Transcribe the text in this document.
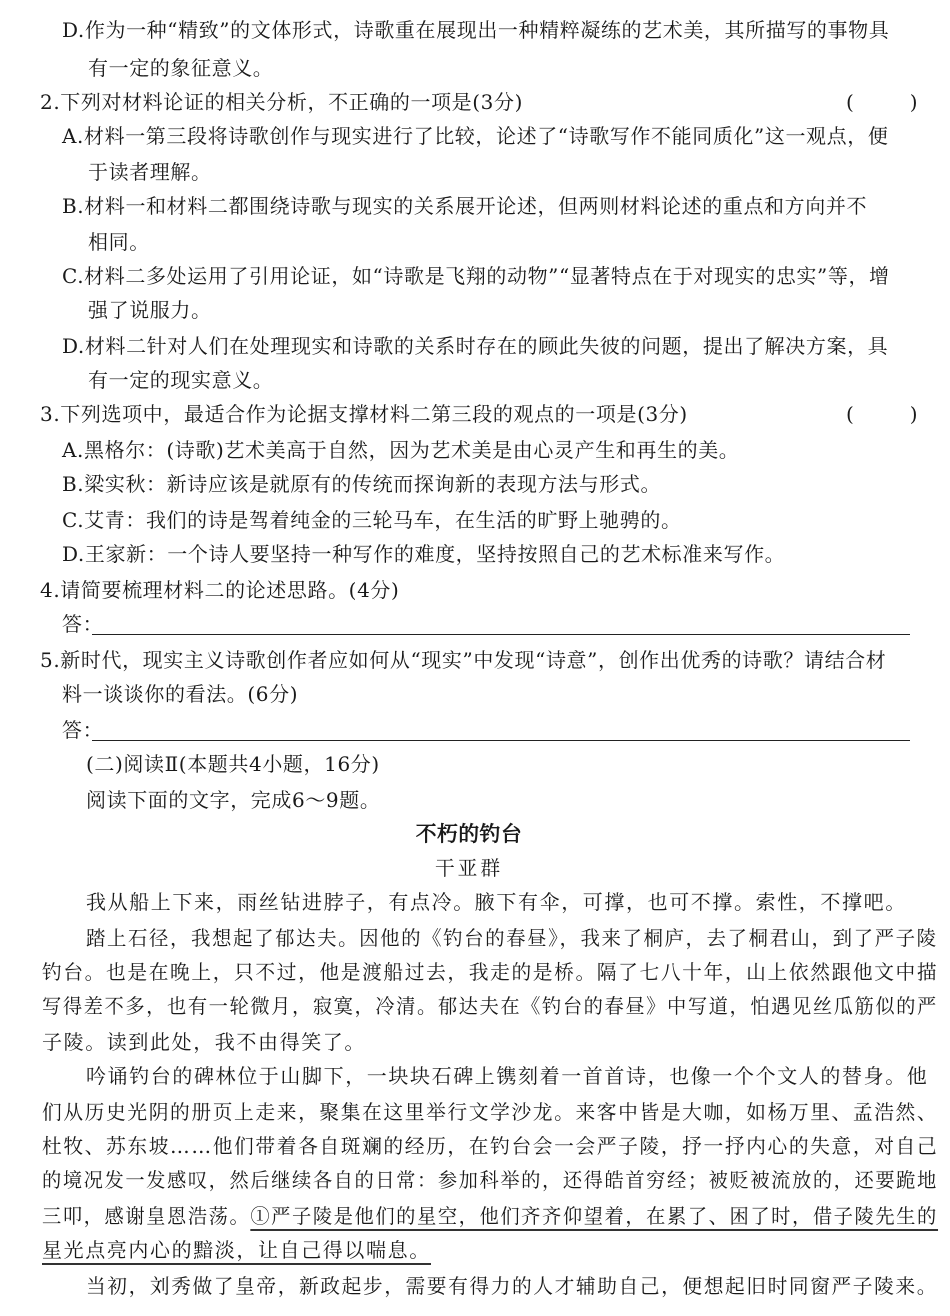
D.作为一种“精致”的文体形式，诗歌重在展现出一种精粹凝练的艺术美，其所描写的事物具
有一定的象征意义。
2.下列对材料论证的相关分析，不正确的一项是(3分)	(　)
A.材料一第三段将诗歌创作与现实进行了比较，论述了“诗歌写作不能同质化”这一观点，便
于读者理解。
B.材料一和材料二都围绕诗歌与现实的关系展开论述，但两则材料论述的重点和方向并不
相同。
C.材料二多处运用了引用论证，如“诗歌是飞翔的动物”“显著特点在于对现实的忠实”等，增
强了说服力。
D.材料二针对人们在处理现实和诗歌的关系时存在的顾此失彼的问题，提出了解决方案，具
有一定的现实意义。
3.下列选项中，最适合作为论据支撑材料二第三段的观点的一项是(3分)	(　)
A.黑格尔：(诗歌)艺术美高于自然，因为艺术美是由心灵产生和再生的美。
B.梁实秋：新诗应该是就原有的传统而探询新的表现方法与形式。
C.艾青：我们的诗是驾着纯金的三轮马车，在生活的旷野上驰骋的。
D.王家新：一个诗人要坚持一种写作的难度，坚持按照自己的艺术标准来写作。
4.请简要梳理材料二的论述思路。(4分)
答：
5.新时代，现实主义诗歌创作者应如何从“现实”中发现“诗意”，创作出优秀的诗歌？请结合材
料一谈谈你的看法。(6分)
答：
(二)阅读Ⅱ(本题共4小题，16分)
阅读下面的文字，完成6～9题。
不朽的钓台
干亚群
我从船上下来，雨丝钻进脖子，有点冷。腋下有伞，可撑，也可不撑。索性，不撑吧。
踏上石径，我想起了郁达夫。因他的《钓台的春昼》，我来了桐庐，去了桐君山，到了严子陵
钓台。也是在晚上，只不过，他是渡船过去，我走的是桥。隔了七八十年，山上依然跟他文中描
写得差不多，也有一轮微月，寂寞，冷清。郁达夫在《钓台的春昼》中写道，怕遇见丝瓜筋似的严
子陵。读到此处，我不由得笑了。
吟诵钓台的碑林位于山脚下，一块块石碑上镌刻着一首首诗，也像一个个文人的替身。他
们从历史光阴的册页上走来，聚集在这里举行文学沙龙。来客中皆是大咖，如杨万里、孟浩然、
杜牧、苏东坡……他们带着各自斑斓的经历，在钓台会一会严子陵，抒一抒内心的失意，对自己
的境况发一发感叹，然后继续各自的日常：参加科举的，还得皓首穷经；被贬被流放的，还要跪地
三叩，感谢皇恩浩荡。①严子陵是他们的星空，他们齐齐仰望着，在累了、困了时，借子陵先生的
星光点亮内心的黯淡，让自己得以喘息。
当初，刘秀做了皇帝，新政起步，需要有得力的人才辅助自己，便想起旧时同窗严子陵来。
